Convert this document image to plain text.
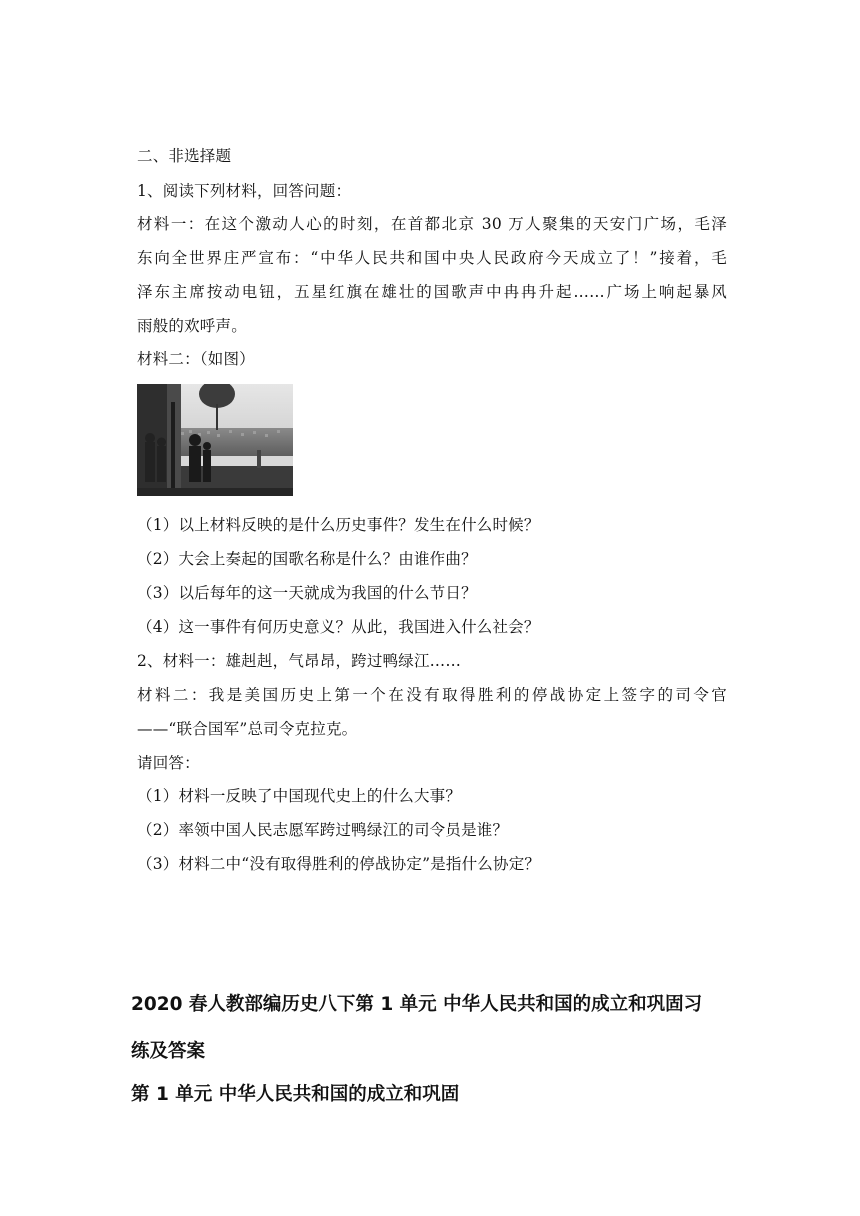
二、非选择题
1、阅读下列材料，回答问题：
材料一：在这个激动人心的时刻，在首都北京 30 万人聚集的天安门广场，毛泽
东向全世界庄严宣布：“中华人民共和国中央人民政府今天成立了！”接着，毛
泽东主席按动电钮，五星红旗在雄壮的国歌声中冉冉升起……广场上响起暴风
雨般的欢呼声。
材料二：（如图）
（1）以上材料反映的是什么历史事件？发生在什么时候？
（2）大会上奏起的国歌名称是什么？由谁作曲？
（3）以后每年的这一天就成为我国的什么节日？
（4）这一事件有何历史意义？从此，我国进入什么社会？
2、材料一：雄赳赳，气昂昂，跨过鸭绿江……
材料二：我是美国历史上第一个在没有取得胜利的停战协定上签字的司令官
——“联合国军”总司令克拉克。
请回答：
（1）材料一反映了中国现代史上的什么大事？
（2）率领中国人民志愿军跨过鸭绿江的司令员是谁？
（3）材料二中“没有取得胜利的停战协定”是指什么协定？
2020 春人教部编历史八下第 1 单元 中华人民共和国的成立和巩固习
练及答案
第 1 单元 中华人民共和国的成立和巩固
